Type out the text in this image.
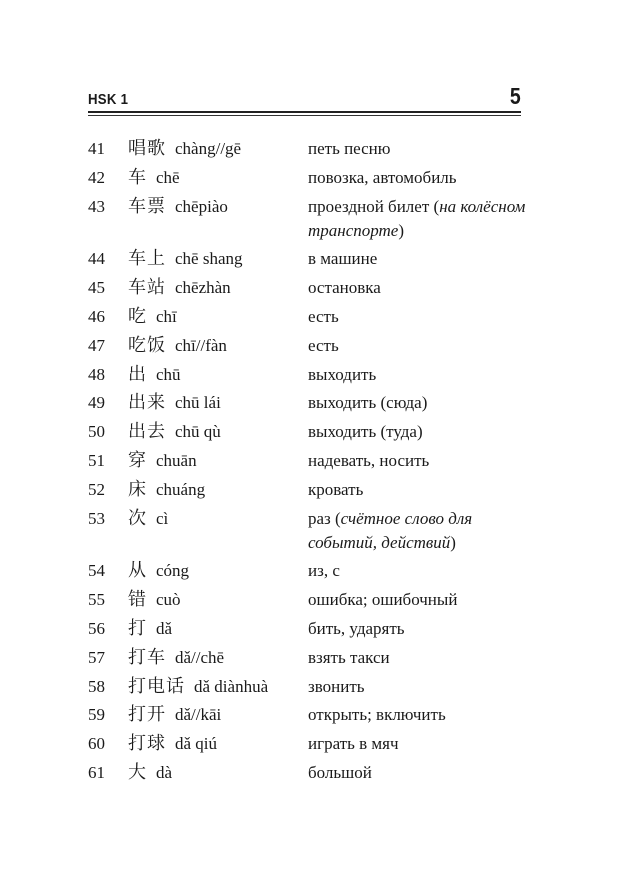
HSK 1	5
41 唱歌 chàng//gē	петь песню
42 车 chē	повозка, автомобиль
43 车票 chēpiào	проездной билет (на колёсном транспорте)
44 车上 chē shang	в машине
45 车站 chēzhàn	остановка
46 吃 chī	есть
47 吃饭 chī//fàn	есть
48 出 chū	выходить
49 出来 chū lái	выходить (сюда)
50 出去 chū qù	выходить (туда)
51 穿 chuān	надевать, носить
52 床 chuáng	кровать
53 次 cì	раз (счётное слово для событий, действий)
54 从 cóng	из, с
55 错 cuò	ошибка; ошибочный
56 打 dǎ	бить, ударять
57 打车 dǎ//chē	взять такси
58 打电话 dǎ diànhuà звонить
59 打开 dǎ//kāi	открыть; включить
60 打球 dǎ qiú	играть в мяч
61 大 dà	большой
